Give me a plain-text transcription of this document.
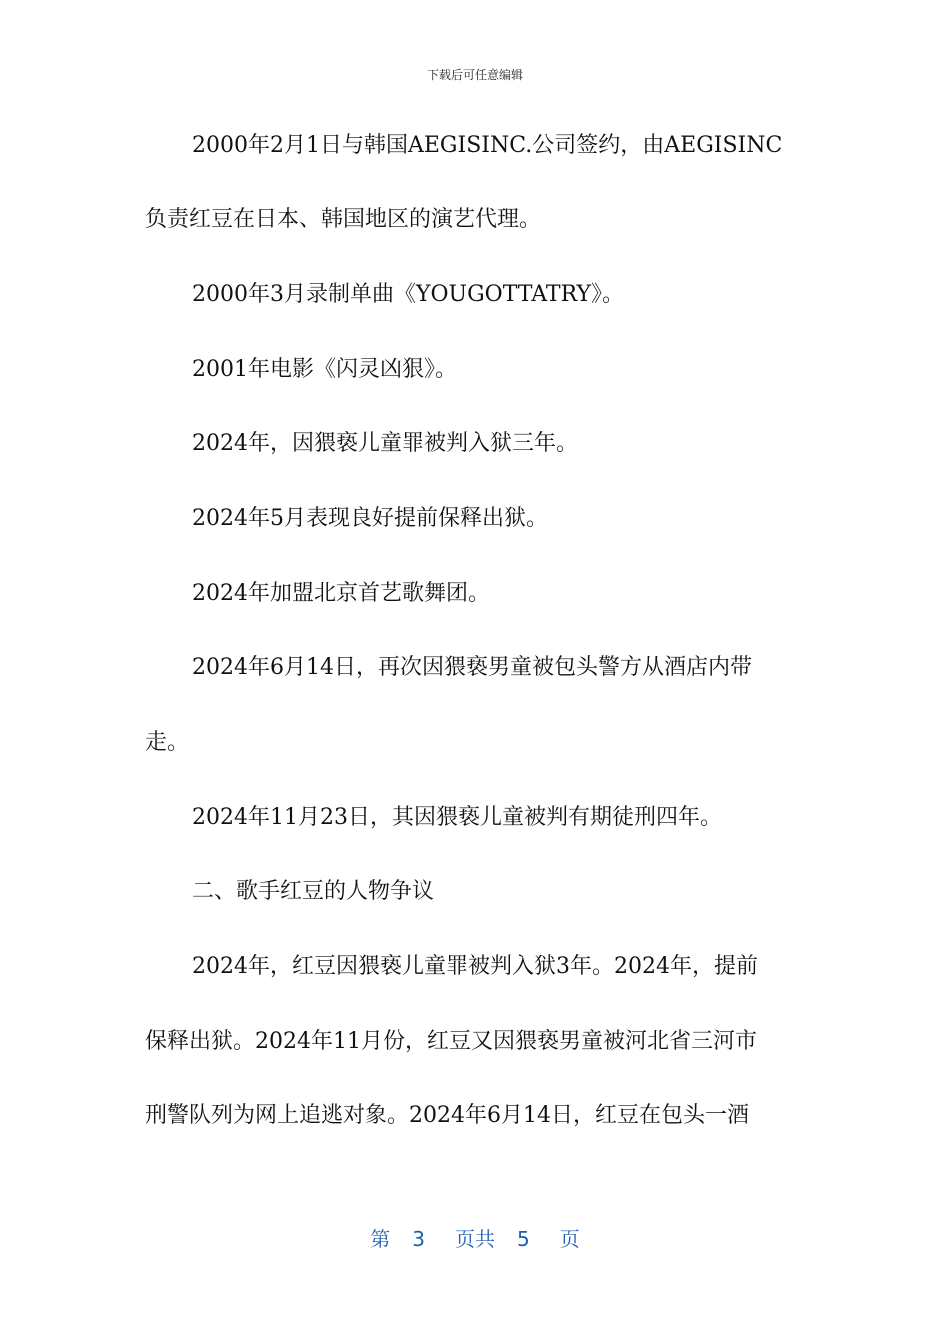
下载后可任意编辑
2000年2月1日与韩国AEGISINC.公司签约，由AEGISINC
负责红豆在日本、韩国地区的演艺代理。
2000年3月录制单曲《YOUGOTTATRY》。
2001年电影《闪灵凶狠》。
2024年，因猥亵儿童罪被判入狱三年。
2024年5月表现良好提前保释出狱。
2024年加盟北京首艺歌舞团。
2024年6月14日，再次因猥亵男童被包头警方从酒店内带
走。
2024年11月23日，其因猥亵儿童被判有期徒刑四年。
二、歌手红豆的人物争议
2024年，红豆因猥亵儿童罪被判入狱3年。2024年，提前
保释出狱。2024年11月份，红豆又因猥亵男童被河北省三河市
刑警队列为网上追逃对象。2024年6月14日，红豆在包头一酒
第 3 页共 5 页
